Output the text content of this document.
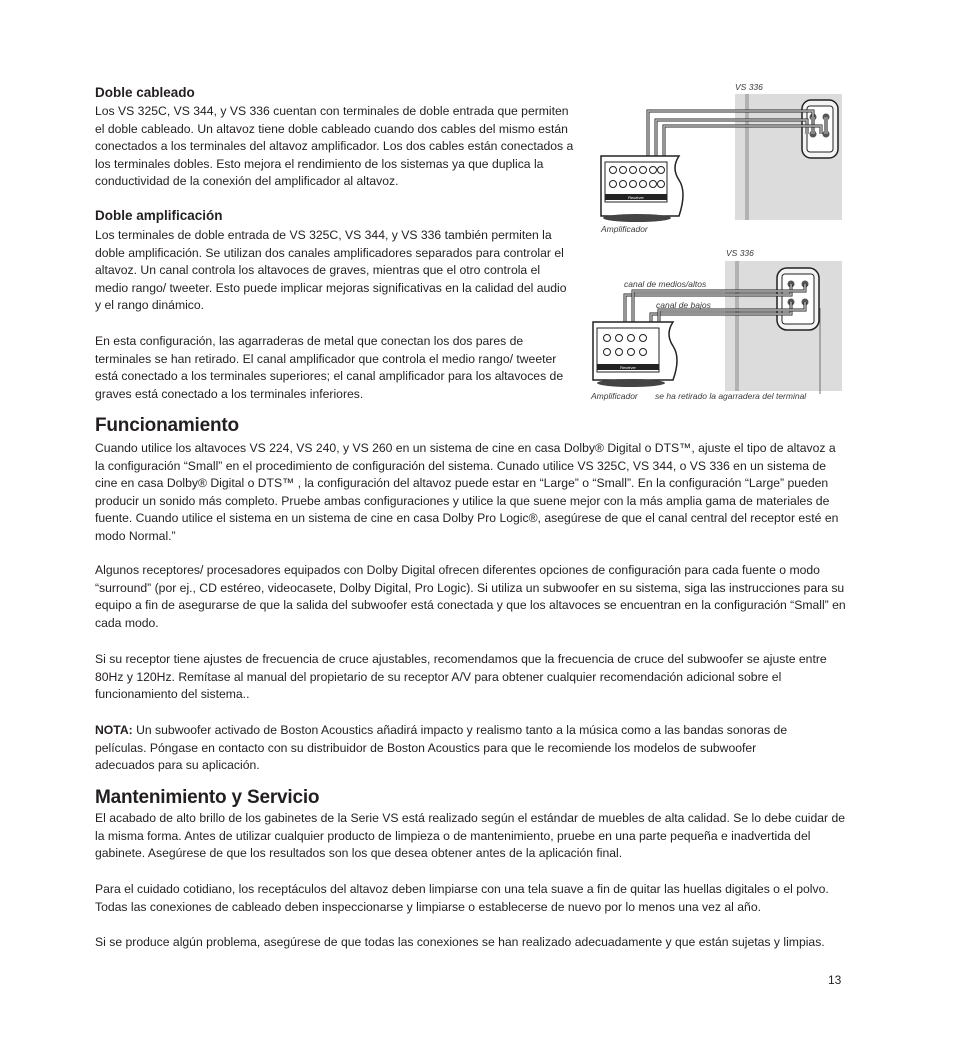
Doble cableado

Los VS 325C, VS 344, y VS 336 cuentan con terminales de doble entrada que permiten el doble cableado. Un altavoz tiene doble cableado cuando dos cables del mismo están conectados a los terminales del altavoz amplificador. Los dos cables están conectados a los terminales dobles. Esto mejora el rendimiento de los sistemas ya que duplica la conductividad de la conexión del amplificador al altavoz.

Doble amplificación

Los terminales de doble entrada de VS 325C, VS 344, y VS 336 también permiten la doble amplificación. Se utilizan dos canales amplificadores separados para controlar el altavoz. Un canal controla los altavoces de graves, mientras que el otro controla el medio rango/ tweeter. Esto puede implicar mejoras significativas en la calidad del audio y el rango dinámico.

En esta configuración, las agarraderas de metal que conectan los dos pares de terminales se han retirado. El canal amplificador que controla el medio rango/ tweeter está conectado a los terminales superiores; el canal amplificador para los altavoces de graves está conectado a los terminales inferiores.

Receiver

VS 336

Amplificador

Receiver

VS 336

canal de medios/altos

canal de bajos

Amplificador se ha retirado la agarradera del terminal

Funcionamiento

Cuando utilice los altavoces VS 224, VS 240, y VS 260 en un sistema de cine en casa Dolby® Digital o DTS™, ajuste el tipo de altavoz a la configuración “Small” en el procedimiento de configuración del sistema. Cunado utilice VS 325C, VS 344, o VS 336 en un sistema de cine en casa Dolby® Digital o DTS™ , la configuración del altavoz puede estar en “Large” o “Small”. En la configuración “Large” pueden producir un sonido más completo. Pruebe ambas configuraciones y utilice la que suene mejor con la más amplia gama de materiales de fuente. Cuando utilice el sistema en un sistema de cine en casa Dolby Pro Logic®, asegúrese de que el canal central del receptor esté en modo Normal.”

Algunos receptores/ procesadores equipados con Dolby Digital ofrecen diferentes opciones de configuración para cada fuente o modo “surround” (por ej., CD estéreo, videocasete, Dolby Digital, Pro Logic). Si utiliza un subwoofer en su sistema, siga las instrucciones para su equipo a fin de asegurarse de que la salida del subwoofer está conectada y que los altavoces se encuentran en la configuración “Small” en cada modo.

Si su receptor tiene ajustes de frecuencia de cruce ajustables, recomendamos que la frecuencia de cruce del subwoofer se ajuste entre 80Hz y 120Hz. Remítase al manual del propietario de su receptor A/V para obtener cualquier recomendación adicional sobre el funcionamiento del sistema..

NOTA: Un subwoofer activado de Boston Acoustics añadirá impacto y realismo tanto a la música como a las bandas sonoras de películas. Póngase en contacto con su distribuidor de Boston Acoustics para que le recomiende los modelos de subwoofer adecuados para su aplicación.

Mantenimiento y Servicio

El acabado de alto brillo de los gabinetes de la Serie VS está realizado según el estándar de muebles de alta calidad. Se lo debe cuidar de la misma forma. Antes de utilizar cualquier producto de limpieza o de mantenimiento, pruebe en una parte pequeña e inadvertida del gabinete. Asegúrese de que los resultados son los que desea obtener antes de la aplicación final.

Para el cuidado cotidiano, los receptáculos del altavoz deben limpiarse con una tela suave a fin de quitar las huellas digitales o el polvo. Todas las conexiones de cableado deben inspeccionarse y limpiarse o establecerse de nuevo por lo menos una vez al año.

Si se produce algún problema, asegúrese de que todas las conexiones se han realizado adecuadamente y que están sujetas y limpias.

13
